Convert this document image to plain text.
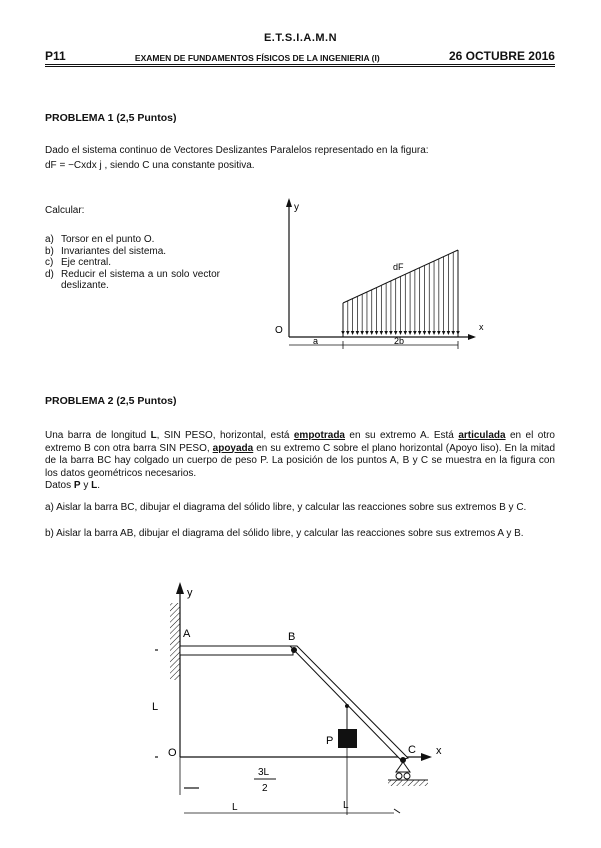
E.T.S.I.A.M.N
P11	EXAMEN DE FUNDAMENTOS FÍSICOS DE LA INGENIERIA (I)	26 OCTUBRE 2016
PROBLEMA 1 (2,5 Puntos)
Dado el sistema continuo de Vectores Deslizantes Paralelos representado en la figura:
dF = −Cxdx j , siendo C una constante positiva.
Calcular:
a) Torsor en el punto O.
b) Invariantes del sistema.
c) Eje central.
d) Reducir el sistema a un solo vector deslizante.
y
x
O
dF
a	2b
PROBLEMA 2 (2,5 Puntos)
Una barra de longitud L, SIN PESO, horizontal, está empotrada en su extremo A. Está articulada en el otro extremo B con otra barra SIN PESO, apoyada en su extremo C sobre el plano horizontal (Apoyo liso). En la mitad de la barra BC hay colgado un cuerpo de peso P. La posición de los puntos A, B y C se muestra en la figura con los datos geométricos necesarios.
Datos P y L.
a) Aislar la barra BC, dibujar el diagrama del sólido libre, y calcular las reacciones sobre sus extremos B y C.
b) Aislar la barra AB, dibujar el diagrama del sólido libre, y calcular las reacciones sobre sus extremos A y B.
y
x
O
A	B
C
P
L
3L
2
L	L
